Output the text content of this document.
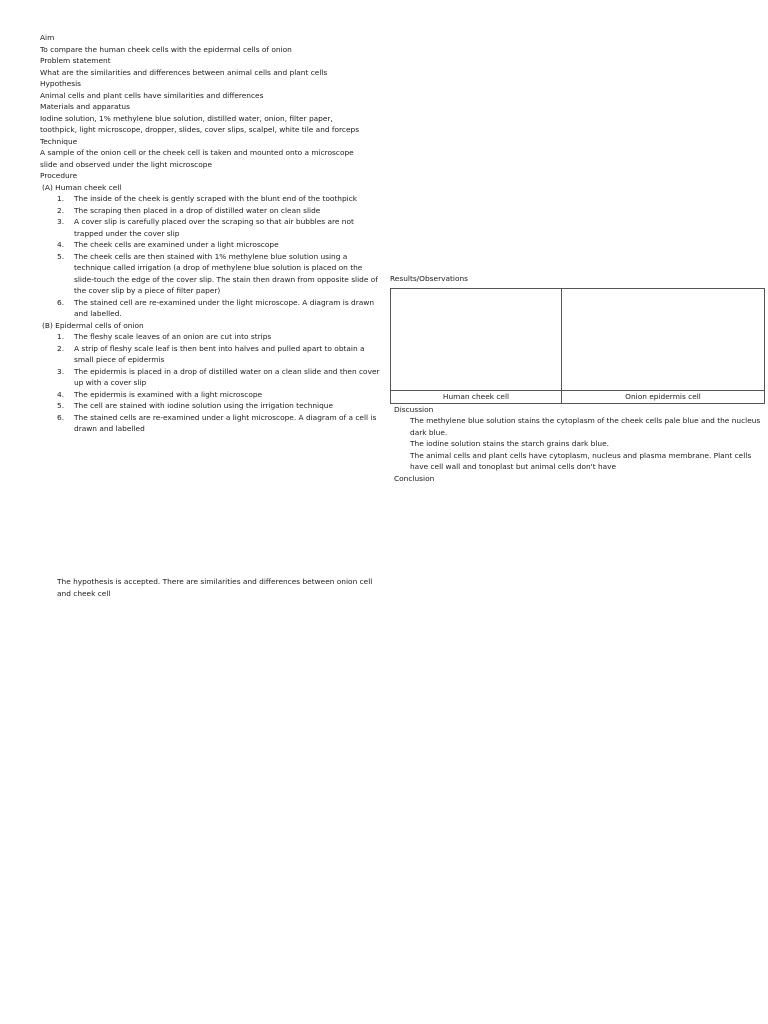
Aim
To compare the human cheek cells with the epidermal cells of onion
Problem statement
What are the similarities and differences between animal cells and plant cells
Hypothesis
Animal cells and plant cells have similarities and differences
Materials and apparatus
Iodine solution, 1% methylene blue solution, distilled water, onion, filter paper,
toothpick, light microscope, dropper, slides, cover slips, scalpel, white tile and forceps
Technique
A sample of the onion cell or the cheek cell is taken and mounted onto a microscope
slide and observed under the light microscope
Procedure
(A) Human cheek cell
1. The inside of the cheek is gently scraped with the blunt end of the toothpick
2. The scraping then placed in a drop of distilled water on clean slide
3. A cover slip is carefully placed over the scraping so that air bubbles are not trapped under the cover slip
4. The cheek cells are examined under a light microscope
5. The cheek cells are then stained with 1% methylene blue solution using a technique called irrigation (a drop of methylene blue solution is placed on the slide-touch the edge of the cover slip. The stain then drawn from opposite slide of the cover slip by a piece of filter paper)
6. The stained cell are re-examined under the light microscope. A diagram is drawn and labelled.
(B) Epidermal cells of onion
1. The fleshy scale leaves of an onion are cut into strips
2. A strip of fleshy scale leaf is then bent into halves and pulled apart to obtain a small piece of epidermis
3. The epidermis is placed in a drop of distilled water on a clean slide and then cover up with a cover slip
4. The epidermis is examined with a light microscope
5. The cell are stained with iodine solution using the irrigation technique
6. The stained cells are re-examined under a light microscope. A diagram of a cell is drawn and labelled
Results/Observations
Human cheek cell	Onion epidermis cell
Discussion

The methylene blue solution stains the cytoplasm of the cheek cells pale blue and the nucleus dark blue.

The iodine solution stains the starch grains dark blue.

The animal cells and plant cells have cytoplasm, nucleus and plasma membrane. Plant cells have cell wall and tonoplast but animal cells don't have

Conclusion
The hypothesis is accepted. There are similarities and differences between onion cell and cheek cell
